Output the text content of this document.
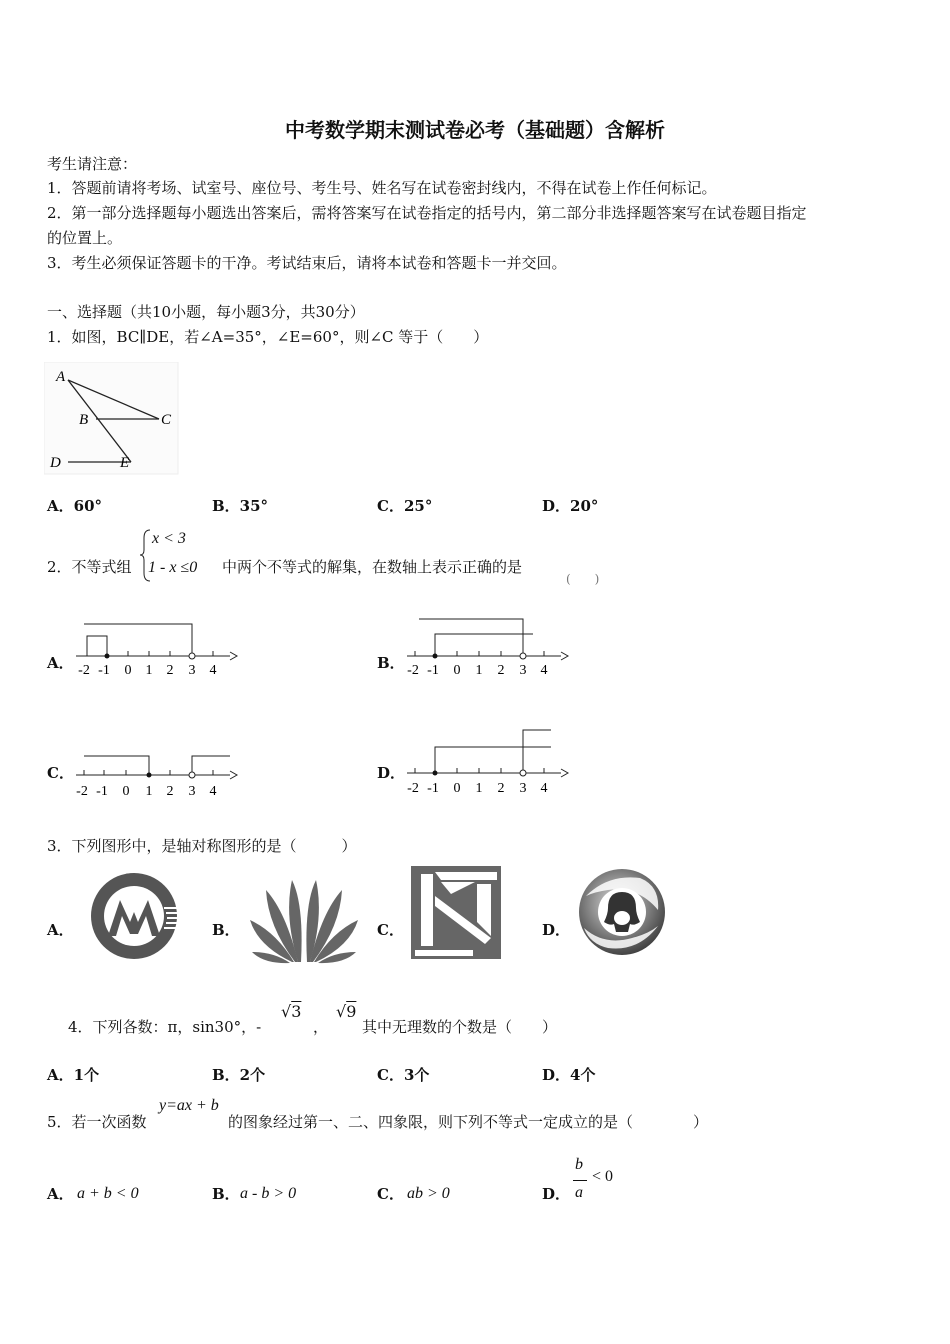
中考数学期末测试卷必考（基础题）含解析
考生请注意：
1．答题前请将考场、试室号、座位号、考生号、姓名写在试卷密封线内，不得在试卷上作任何标记。
2．第一部分选择题每小题选出答案后，需将答案写在试卷指定的括号内，第二部分非选择题答案写在试卷题目指定
的位置上。
3．考生必须保证答题卡的干净。考试结束后，请将本试卷和答题卡一并交回。
一、选择题（共10小题，每小题3分，共30分）
1．如图，BC∥DE，若∠A=35°，∠E=60°，则∠C 等于（　　）
A
B	C
D	E
A．60°	B．35°	C．25°	D．20°
2．不等式组
x < 3
1 - x ≤0 中两个不等式的解集，在数轴上表示正确的是
(　　)
A． -2 -1 0 1 2 3 4	B． -2 -1 0 1 2 3 4
C．
-2 -1 0 1 2 3 4
D．
-2 -1 0 1 2 3 4
3．下列图形中，是轴对称图形的是（　　　）
A．	B．	C．	D．
4．下列各数：π，sin30°，-
√3
，
√9
其中无理数的个数是（　　）
A．1个	B．2个	C．3个	D．4个
5．若一次函数
y=ax + b
的图象经过第一、二、四象限，则下列不等式一定成立的是（　　　　）
A． a + b < 0	B． a - b > 0	C． ab > 0	D．
b
a
< 0
